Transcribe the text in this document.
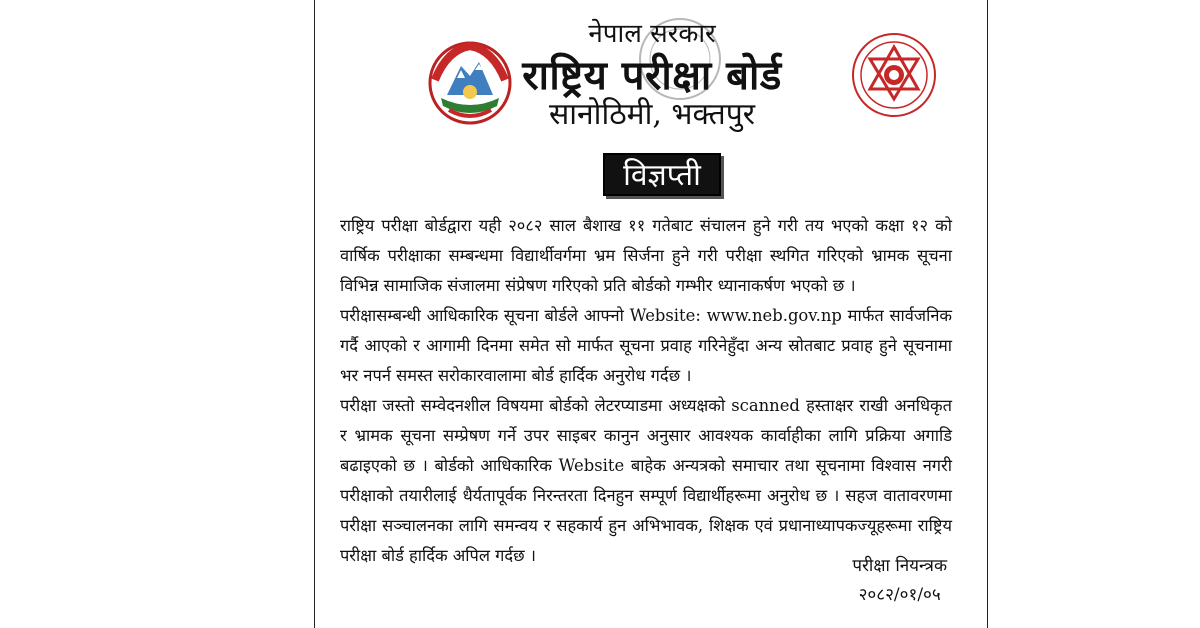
नेपाल सरकार
राष्ट्रिय परीक्षा बोर्ड
सानोठिमी, भक्तपुर
विज्ञप्ती

राष्ट्रिय परीक्षा बोर्डद्वारा यही २०८२ साल बैशाख ११ गतेबाट संचालन हुने गरी तय भएको कक्षा १२ को वार्षिक परीक्षाका सम्बन्धमा विद्यार्थीवर्गमा भ्रम सिर्जना हुने गरी परीक्षा स्थगित गरिएको भ्रामक सूचना विभिन्न सामाजिक संजालमा संप्रेषण गरिएको प्रति बोर्डको गम्भीर ध्यानाकर्षण भएको छ ।

परीक्षासम्बन्धी आधिकारिक सूचना बोर्डले आफ्नो Website: www.neb.gov.np मार्फत सार्वजनिक गर्दै आएको र आगामी दिनमा समेत सो मार्फत सूचना प्रवाह गरिनेहुँदा अन्य स्रोतबाट प्रवाह हुने सूचनामा भर नपर्न समस्त सरोकारवालामा बोर्ड हार्दिक अनुरोध गर्दछ ।

परीक्षा जस्तो सम्वेदनशील विषयमा बोर्डको लेटरप्याडमा अध्यक्षको scanned हस्ताक्षर राखी अनधिकृत र भ्रामक सूचना सम्प्रेषण गर्ने उपर साइबर कानुन अनुसार आवश्यक कार्वाहीका लागि प्रक्रिया अगाडि बढाइएको छ । बोर्डको आधिकारिक Website बाहेक अन्यत्रको समाचार तथा सूचनामा विश्वास नगरी परीक्षाको तयारीलाई धैर्यतापूर्वक निरन्तरता दिनहुन सम्पूर्ण विद्यार्थीहरूमा अनुरोध छ । सहज वातावरणमा परीक्षा सञ्चालनका लागि समन्वय र सहकार्य हुन अभिभावक, शिक्षक एवं प्रधानाध्यापकज्यूहरूमा राष्ट्रिय परीक्षा बोर्ड हार्दिक अपिल गर्दछ ।

परीक्षा नियन्त्रक
२०८२/०१/०५
